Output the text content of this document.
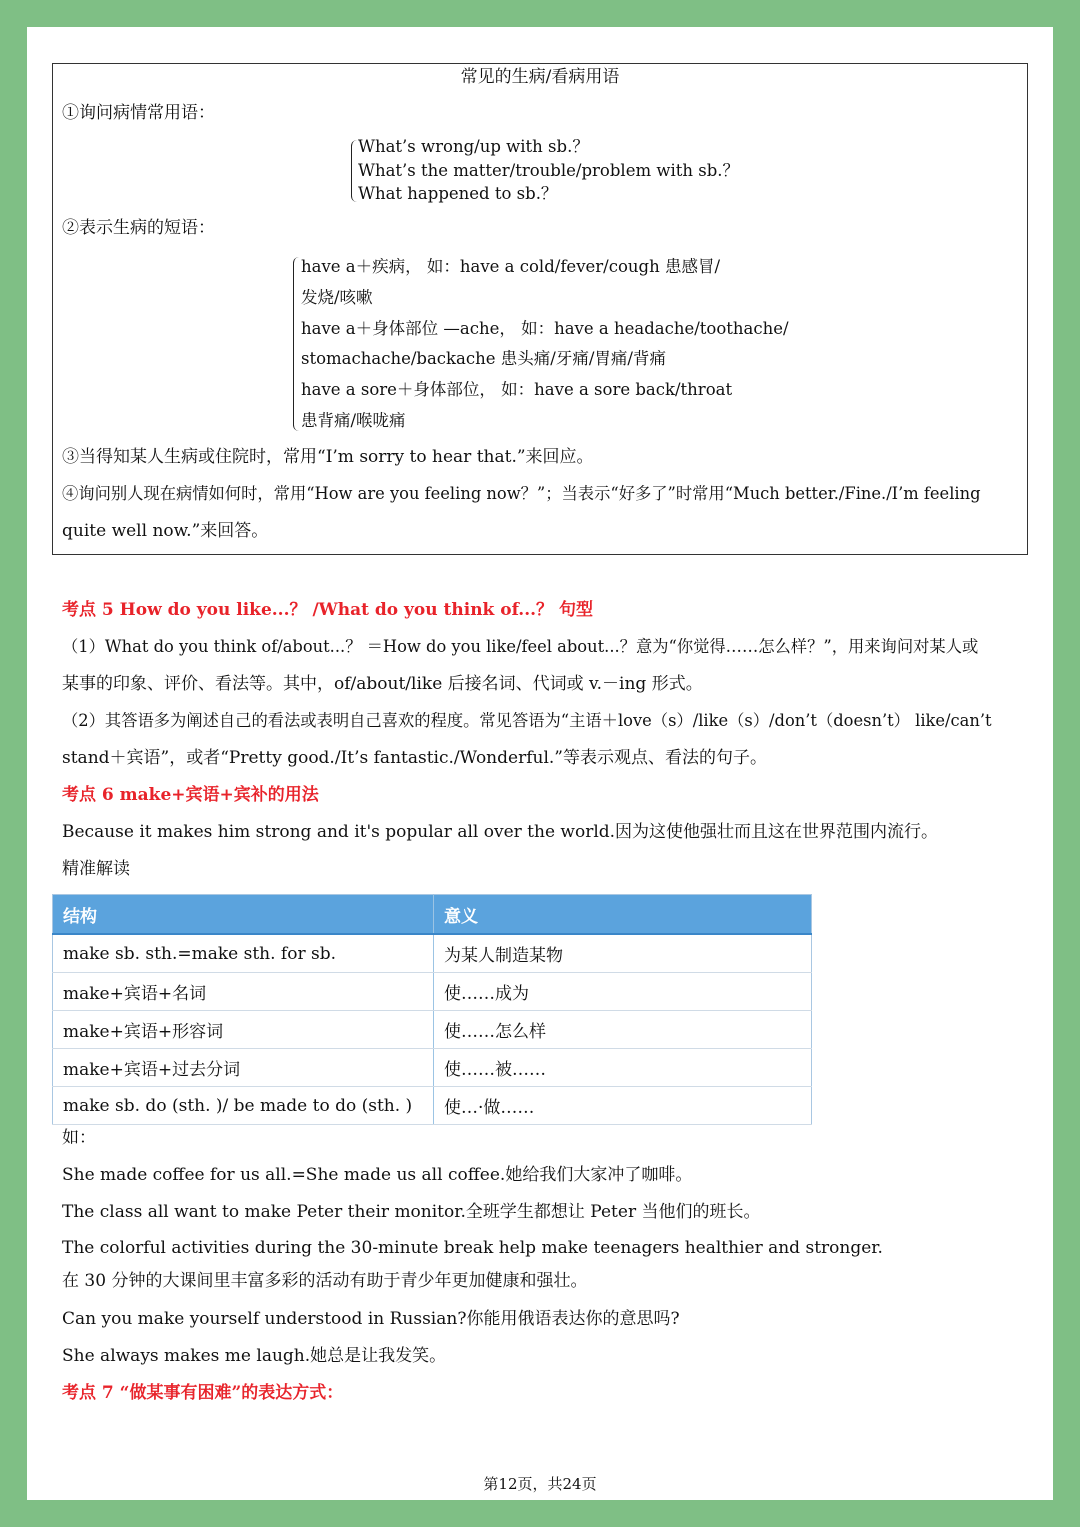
常见的生病/看病用语
①询问病情常用语：
What’s wrong/up with sb.？
What’s the matter/trouble/problem with sb.？
What happened to sb.？
②表示生病的短语：
have a＋疾病， 如：have a cold/fever/cough 患感冒/
发烧/咳嗽
have a＋身体部位 —ache， 如：have a headache/toothache/
stomachache/backache 患头痛/牙痛/胃痛/背痛
have a sore＋身体部位， 如：have a sore back/throat
患背痛/喉咙痛
③当得知某人生病或住院时，常用“I’m sorry to hear that.”来回应。
④询问别人现在病情如何时，常用“How are you feeling now？”；当表示“好多了”时常用“Much better./Fine./I’m feeling
quite well now.”来回答。
考点 5 How do you like...？ /What do you think of...？ 句型
（1）What do you think of/about...？ ＝How do you like/feel about...？意为“你觉得……怎么样？”，用来询问对某人或
某事的印象、评价、看法等。其中，of/about/like 后接名词、代词或 v.－ing 形式。
（2）其答语多为阐述自己的看法或表明自己喜欢的程度。常见答语为“主语＋love（s）/like（s）/don’t（doesn’t） like/can’t
stand＋宾语”，或者“Pretty good./It’s fantastic./Wonderful.”等表示观点、看法的句子。
考点 6 make+宾语+宾补的用法
Because it makes him strong and it's popular all over the world.因为这使他强壮而且这在世界范围内流行。
精准解读
结构	意义
make sb. sth.=make sth. for sb.	为某人制造某物
make+宾语+名词	使……成为
make+宾语+形容词	使……怎么样
make+宾语+过去分词	使……被……
make sb. do (sth. )/ be made to do (sth. )	使…·做……
如：
She made coffee for us all.=She made us all coffee.她给我们大家冲了咖啡。
The class all want to make Peter their monitor.全班学生都想让 Peter 当他们的班长。
The colorful activities during the 30-minute break help make teenagers healthier and stronger.
在 30 分钟的大课间里丰富多彩的活动有助于青少年更加健康和强壮。
Can you make yourself understood in Russian?你能用俄语表达你的意思吗?
She always makes me laugh.她总是让我发笑。
考点 7 “做某事有困难”的表达方式：
第12页，共24页
